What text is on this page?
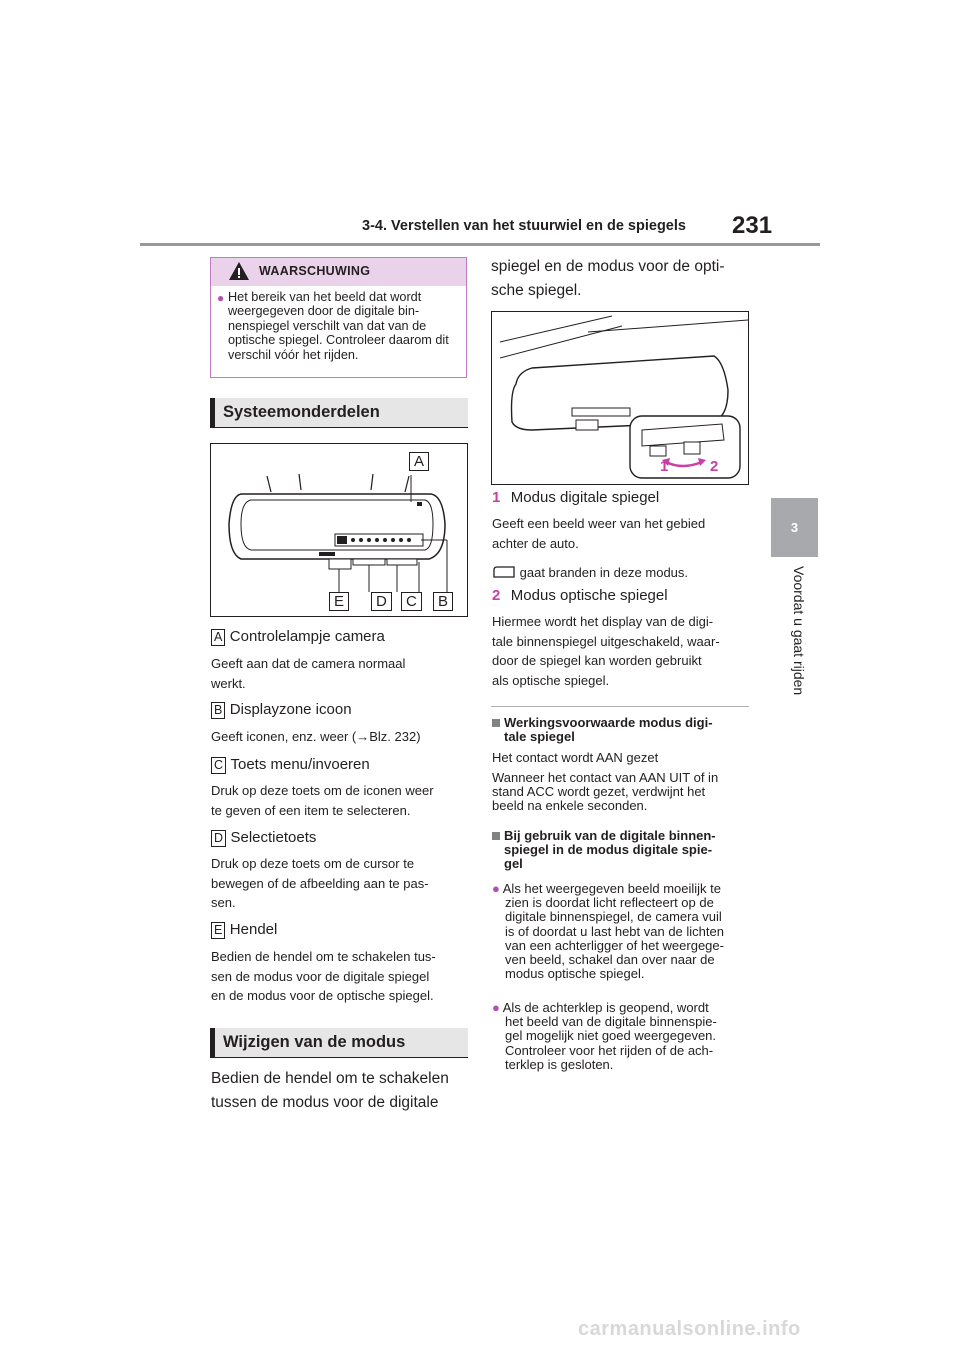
3-4. Verstellen van het stuurwiel en de spiegels 231
3
Voordat u gaat rijden
WAARSCHUWING
● Het bereik van het beeld dat wordt weergegeven door de digitale bin-nenspiegel verschilt van dat van de optische spiegel. Controleer daarom dit verschil vóór het rijden.
Systeemonderdelen
A
E	D	C	B
A Controlelampje camera
Geeft aan dat de camera normaal
werkt.
B Displayzone icoon
Geeft iconen, enz. weer (→Blz. 232)
C Toets menu/invoeren
Druk op deze toets om de iconen weer
te geven of een item te selecteren.
D Selectietoets
Druk op deze toets om de cursor te
bewegen of de afbeelding aan te pas-
sen.
E Hendel
Bedien de hendel om te schakelen tus-
sen de modus voor de digitale spiegel
en de modus voor de optische spiegel.
Wijzigen van de modus
Bedien de hendel om te schakelen
tussen de modus voor de digitale
spiegel en de modus voor de opti-
sche spiegel.
1	2
1 Modus digitale spiegel
Geeft een beeld weer van het gebied
achter de auto.
gaat branden in deze modus.
2 Modus optische spiegel
Hiermee wordt het display van de digi-
tale binnenspiegel uitgeschakeld, waar-
door de spiegel kan worden gebruikt
als optische spiegel.
Werkingsvoorwaarde modus digi-
tale spiegel
Het contact wordt AAN gezet
Wanneer het contact van AAN UIT of in
stand ACC wordt gezet, verdwijnt het
beeld na enkele seconden.
Bij gebruik van de digitale binnen-
spiegel in de modus digitale spie-
gel
● Als het weergegeven beeld moeilijk te
zien is doordat licht reflecteert op de
digitale binnenspiegel, de camera vuil
is of doordat u last hebt van de lichten
van een achterligger of het weergege-
ven beeld, schakel dan over naar de
modus optische spiegel.
● Als de achterklep is geopend, wordt
het beeld van de digitale binnenspie-
gel mogelijk niet goed weergegeven.
Controleer voor het rijden of de ach-
terklep is gesloten.
carmanualsonline.info
